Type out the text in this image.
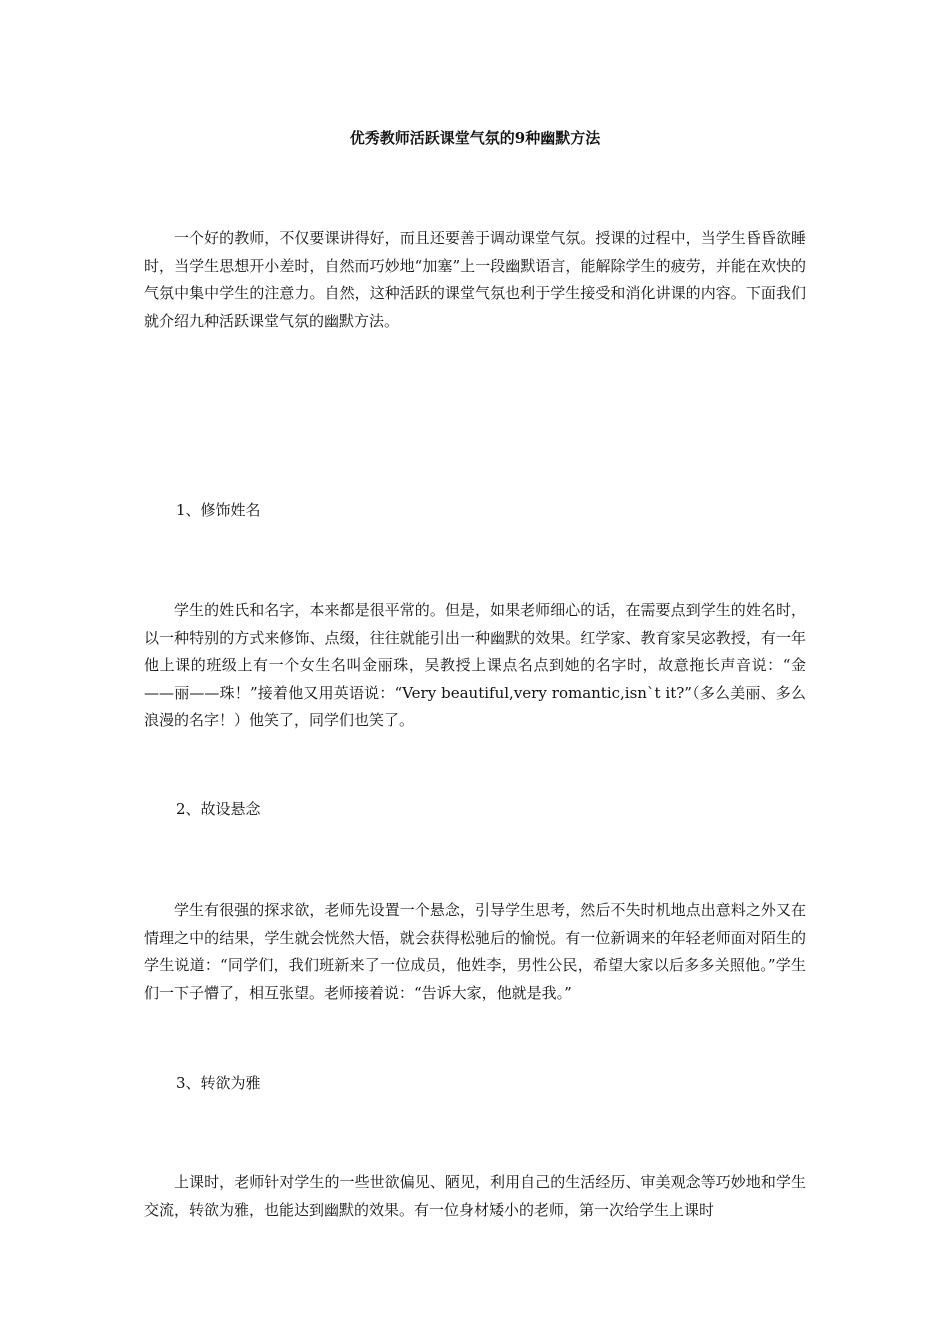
优秀教师活跃课堂气氛的9种幽默方法

一个好的教师，不仅要课讲得好，而且还要善于调动课堂气氛。授课的过程中，当学生昏昏欲睡时，当学生思想开小差时，自然而巧妙地“加塞”上一段幽默语言，能解除学生的疲劳，并能在欢快的气氛中集中学生的注意力。自然，这种活跃的课堂气氛也利于学生接受和消化讲课的内容。下面我们就介绍九种活跃课堂气氛的幽默方法。

1、修饰姓名

学生的姓氏和名字，本来都是很平常的。但是，如果老师细心的话，在需要点到学生的姓名时，以一种特别的方式来修饰、点缀，往往就能引出一种幽默的效果。红学家、教育家吴宓教授，有一年他上课的班级上有一个女生名叫金丽珠，吴教授上课点名点到她的名字时，故意拖长声音说：“金——丽——珠！”接着他又用英语说：“Very beautiful,very romantic,isn`t it?”（多么美丽、多么浪漫的名字！）他笑了，同学们也笑了。

2、故设悬念

学生有很强的探求欲，老师先设置一个悬念，引导学生思考，然后不失时机地点出意料之外又在情理之中的结果，学生就会恍然大悟，就会获得松驰后的愉悦。有一位新调来的年轻老师面对陌生的学生说道：“同学们，我们班新来了一位成员，他姓李，男性公民，希望大家以后多多关照他。”学生们一下子懵了，相互张望。老师接着说：“告诉大家，他就是我。”

3、转欲为雅

上课时，老师针对学生的一些世欲偏见、陋见，利用自己的生活经历、审美观念等巧妙地和学生交流，转欲为雅，也能达到幽默的效果。有一位身材矮小的老师，第一次给学生上课时
